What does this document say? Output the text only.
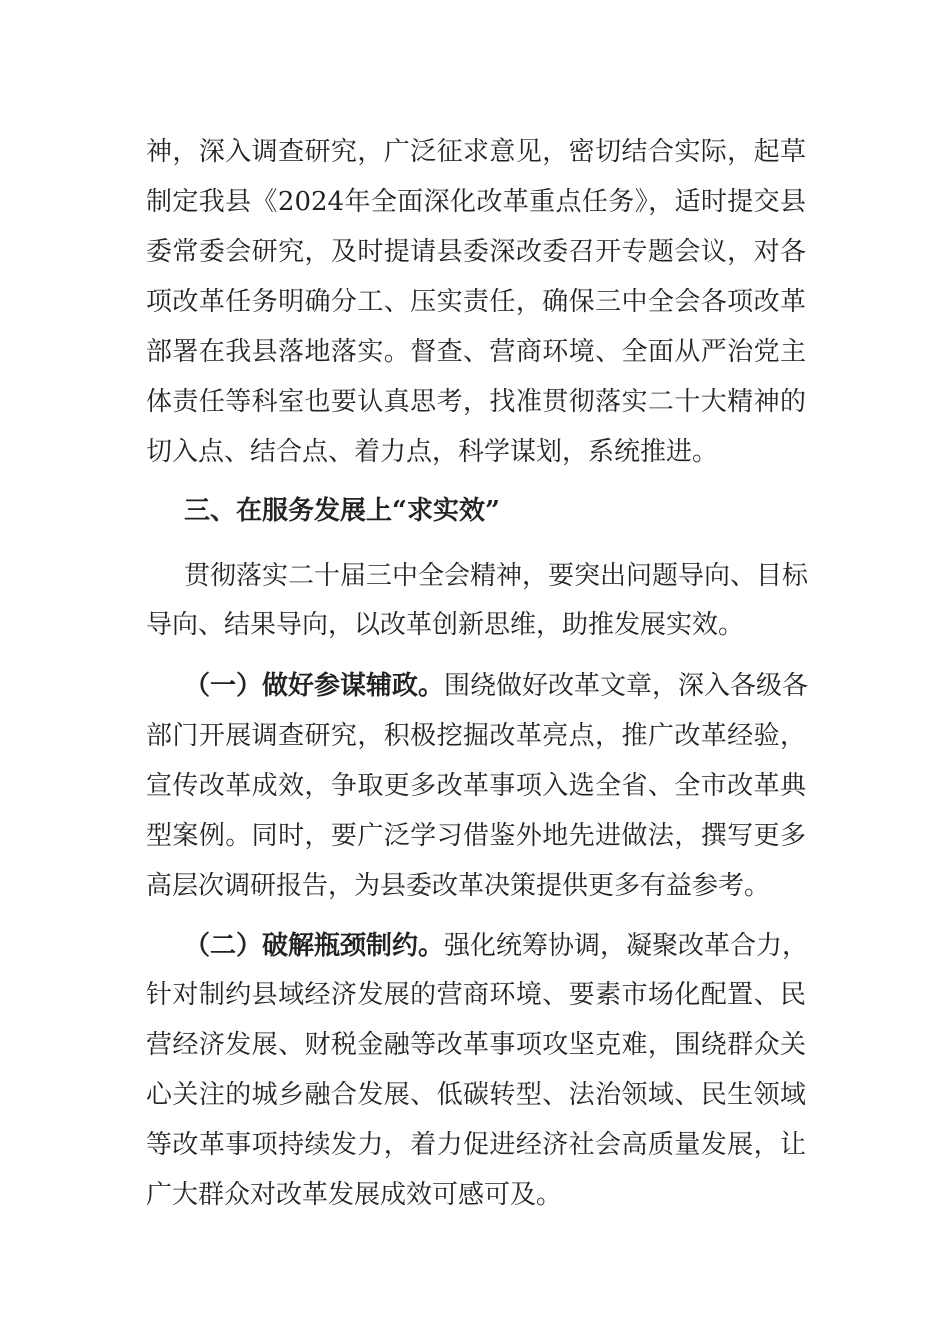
神，深入调查研究，广泛征求意见，密切结合实际，起草
制定我县《2024年全面深化改革重点任务》，适时提交县
委常委会研究，及时提请县委深改委召开专题会议，对各
项改革任务明确分工、压实责任，确保三中全会各项改革
部署在我县落地落实。督查、营商环境、全面从严治党主
体责任等科室也要认真思考，找准贯彻落实二十大精神的
切入点、结合点、着力点，科学谋划，系统推进。
三、在服务发展上“求实效”
贯彻落实二十届三中全会精神，要突出问题导向、目标
导向、结果导向，以改革创新思维，助推发展实效。
（一）做好参谋辅政。围绕做好改革文章，深入各级各
部门开展调查研究，积极挖掘改革亮点，推广改革经验，
宣传改革成效，争取更多改革事项入选全省、全市改革典
型案例。同时，要广泛学习借鉴外地先进做法，撰写更多
高层次调研报告，为县委改革决策提供更多有益参考。
（二）破解瓶颈制约。强化统筹协调，凝聚改革合力，
针对制约县域经济发展的营商环境、要素市场化配置、民
营经济发展、财税金融等改革事项攻坚克难，围绕群众关
心关注的城乡融合发展、低碳转型、法治领域、民生领域
等改革事项持续发力，着力促进经济社会高质量发展，让
广大群众对改革发展成效可感可及。
